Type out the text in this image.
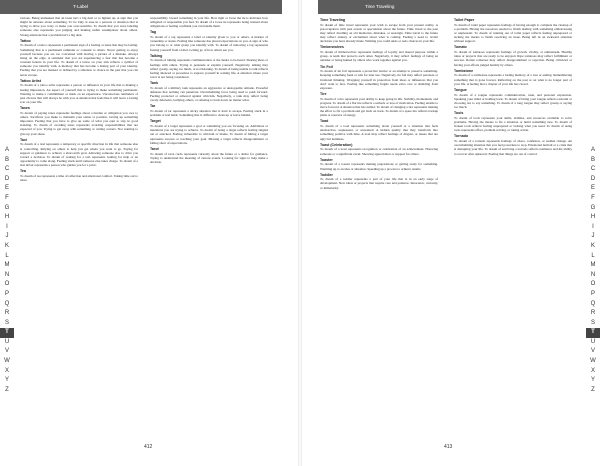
T-Label
A
B
C
D
E
F
G
H
I
J
K
L
M
N
O
P
Q
R
S
T
U
V
W
X
Y
Z

various. Being unmasked that an issue isn't a big deal or to lighten up. A sign that you might be anxious about something. To be truly at ease in a persons or situation that is trying to drive you crazy or make you over-sensitive. To dream that you were labeling someone else represents you judging and making unfair assumptions about others. Strong emotions that a problem isn't a big deal.

Tattoo

To dream of a tattoo represents a permanent sign of a feeling or issue that may be lasting. Something that is a permanent reminder or constant to others. Never getting to enjoy yourself because you are too concerned with leaving a picture of a mistake. Always being on the edge. A reminder that you are experiencing a fear that has become a constant feature in your life. To dream of a tattoo on your arm reflects a symbol of someone you identify with. A memory that has become a lasting part of your identity. Feeling that you are marked or defined by a situation or choice in the past that you can never escape.

Tattoo Artist

To dream of a tattoo artist represents a person or influence in your life that is making a lasting impression. An aspect of yourself that is trying to make something permanent. Wanting to make a commitment or mark on an experience. Unconscious reminders of past choices that will always be with you. A situation that feels like it will leave a lasting scar on your life.

Taxes

To dream of paying taxes represents feelings about a burden or obligation you owe to others. Sacrifices you make to maintain your status or position. Giving up something important. Feeling that you have to give up some of what you earn to stay in good standing. To dream of avoiding taxes represents avoiding responsibilities that are expected of you. Trying to get away with something or cutting corners. Not wanting to give up your share.

Taxi

To dream of a taxi represents a temporary or specific direction in life that someone else is controlling. Relying on others to help you get where you want to go. Paying for support or guidance to achieve a short-term goal. Allowing someone else to drive you toward a decision. To dream of waiting for a taxi represents waiting for help or an opportunity to come along. Feeling stuck until someone else takes charge. To dream of a taxi driver represents a person who guides you for a price.

Tea

To dream of tea represents a time of reflection and emotional comfort. Taking time out to relax.

responsibility toward something in your life. How tight or loose the tie is indicates how obligated or responsible you feel. To dream of a loose tie represents being relaxed about obligations or feeling confident you can handle them.

Tag

To dream of a tag represents a label or identity given to you or others. A marker of ownership or status. Feeling like someone has placed expectations on you. A sign of who you belong to or what group you identify with. To dream of removing a tag represents freeing yourself from a label. Letting go of how others see you.

Talking

To dream of talking represents communication or the desire to be heard. Sharing ideas or feelings with others. Trying to persuade or explain yourself. Negatively, talking may reflect gossip, saying too much, or not listening. To dream of being unable to talk reflects feeling silenced or powerless to express yourself in waking life. A situation where your voice is not being considered.

Tank

To dream of a military tank represents an aggressive or unstoppable attitude. Powerful defenses that nothing can penetrate. Overwhelming force being used to push forward. Feeling protected or armored against criticism. Negatively, a tank may reflect being overly defensive, bullying others, or refusing to back down no matter what.

Tar

To dream of tar represents a sticky situation that is hard to escape. Feeling stuck in a problem or bad habit. Something that is difficult to clean up or leave behind.

Target

To dream of a target represents a goal or something you are focusing on. Ambitions or intentions you are trying to achieve. To dream of being a target reflects feeling singled out or attacked. Feeling vulnerable to criticism or blame. To dream of hitting a target represents success or reaching your goal. Missing a target reflects disappointment or falling short of expectations.

Tarot

To dream of tarot cards represents curiosity about the future or a desire for guidance. Trying to understand the meaning of current events. Looking for signs to help make a decision.

412
Time Traveling
A
B
C
D
E
F
G
H
I
J
K
L
M
N
O
P
Q
R
S
T
U
V
W
X
Y
Z
Time Traveling

To dream of time travel represents your wish to escape from your present reality. A preoccupation with past events or speculation about the future. Time travel to the past may reflect dwelling on old memories, mistakes, or nostalgia. Time travel to the future may reflect anxiety or excitement about what is coming. Feeling a need to revisit decisions you have already made. Wishing you could undo or redo choices in your life.

Timberwolves

To dream of timberwolves represents feelings of loyalty and shared purpose within a group. A team that protects each other. Negatively, it may reflect feelings of being an outsider or being hunted by others who work together against you.

Tin Foil

To dream of tin foil represents a protective barrier or an attempt to preserve something. Keeping something fresh or safe for later use. Negatively, tin foil may reflect paranoia or irrational thinking. Wrapping yourself in protection from ideas or influences that you don't want to face. Feeling like something fragile needs extra care or shielding from exposure.

Tire

To dream of a tire represents your ability to keep going in life. Stability, momentum, and progress. To dream of a flat tire reflects a setback or loss of motivation. Feeling unable to move forward. A situation that has stalled. To dream of changing a tire represents making the effort to fix a problem and get back on track. To dream of a spare tire reflects backup plans or reserves of energy.

Toad

To dream of a toad represents something about yourself or a situation that feels unattractive, unpleasant, or unwanted. A hidden quality that may transform into something positive with time. A toad may reflect feelings of disgust, or issues that are ugly but harmless.

Toast (Celebration)

To dream of a toast represents recognition or celebration of an achievement. Honoring someone or a significant event. Showing appreciation or support for others.

Toaster

To dream of a toaster represents making preparations or getting ready for something. Warming up to an idea or situation. Speeding up a process to achieve results.

Toddler

To dream of a toddler represents a part of your life that is in an early stage of development. New ideas or projects that require care and patience. Innocence, curiosity, or immaturity.

Toilet Paper

To dream of toilet paper represents feelings of having enough to complete the cleanup of a problem. Having the resources needed to finish dealing with something embarrassing or unpleasant. To dream of running out of toilet paper reflects feeling unprepared or lacking the means to finish resolving an issue. Being left in an awkward situation without support.

Tomato

To dream of tomatoes represents feelings of growth, vitality, or enthusiasm. Healthy ideas or projects that are ready to be enjoyed. Ripe tomatoes may reflect fulfillment or success. Rotten tomatoes may reflect disappointment or rejection. Being criticized or having your efforts judged harshly by others.

Tombstone

To dream of a tombstone represents a lasting memory of a loss or ending. Remembering something that is gone forever. Reflecting on the past or on what is no longer part of your life. A feeling that a chapter of your life has closed.

Tongue

To dream of a tongue represents communication, taste, and personal expression. Speaking your mind or holding back. To dream of biting your tongue reflects restraint or choosing not to say something. To dream of a long tongue may reflect gossip or saying too much.

Tools

To dream of tools represents your skills, abilities, and resources available to solve problems. Having the means to fix a situation or build something new. To dream of broken tools reflects feeling unprepared or lacking what you need. To dream of using tools represents effort, problem solving, or taking action.

Tornado

To dream of a tornado represents feelings of chaos, confusion, or sudden change. An overwhelming situation that you feel powerless to stop. Emotional turmoil or a crisis that is disrupting your life. To dream of surviving a tornado reflects resilience and the ability to recover after upheaval. Feeling that things are out of control.

413
